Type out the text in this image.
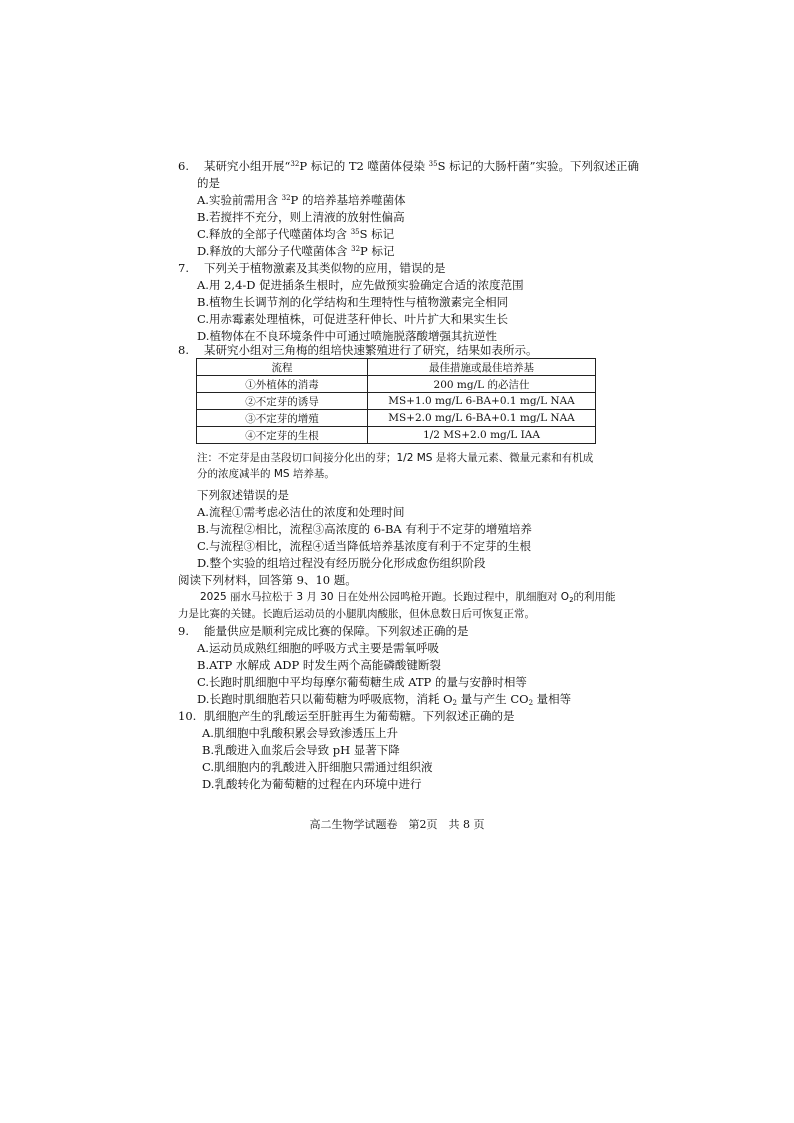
6. 某研究小组开展“$^{32}$P 标记的 T2 噬菌体侵染 $^{35}$S 标记的大肠杆菌”实验。下列叙述正确
的是
A.实验前需用含 $^{32}$P 的培养基培养噬菌体
B.若搅拌不充分，则上清液的放射性偏高
C.释放的全部子代噬菌体均含 $^{35}$S 标记
D.释放的大部分子代噬菌体含 $^{32}$P 标记
7. 下列关于植物激素及其类似物的应用，错误的是
A.用 2,4-D 促进插条生根时，应先做预实验确定合适的浓度范围
B.植物生长调节剂的化学结构和生理特性与植物激素完全相同
C.用赤霉素处理植株，可促进茎秆伸长、叶片扩大和果实生长
D.植物体在不良环境条件中可通过喷施脱落酸增强其抗逆性
8. 某研究小组对三角梅的组培快速繁殖进行了研究，结果如表所示。
流程	最佳措施或最佳培养基
①外植体的消毒	200 mg/L 的必洁仕
②不定芽的诱导	MS+1.0 mg/L 6-BA+0.1 mg/L NAA
③不定芽的增殖	MS+2.0 mg/L 6-BA+0.1 mg/L NAA
④不定芽的生根	1/2 MS+2.0 mg/L IAA
注：不定芽是由茎段切口间接分化出的芽；1/2 MS 是将大量元素、微量元素和有机成
分的浓度减半的 MS 培养基。
下列叙述错误的是
A.流程①需考虑必洁仕的浓度和处理时间
B.与流程②相比，流程③高浓度的 6-BA 有利于不定芽的增殖培养
C.与流程③相比，流程④适当降低培养基浓度有利于不定芽的生根
D.整个实验的组培过程没有经历脱分化形成愈伤组织阶段
阅读下列材料，回答第 9、10 题。
2025 丽水马拉松于 3 月 30 日在处州公园鸣枪开跑。长跑过程中，肌细胞对 $O_2$的利用能
力是比赛的关键。长跑后运动员的小腿肌肉酸胀，但休息数日后可恢复正常。
9. 能量供应是顺利完成比赛的保障。下列叙述正确的是
A.运动员成熟红细胞的呼吸方式主要是需氧呼吸
B.ATP 水解成 ADP 时发生两个高能磷酸键断裂
C.长跑时肌细胞中平均每摩尔葡萄糖生成 ATP 的量与安静时相等
D.长跑时肌细胞若只以葡萄糖为呼吸底物，消耗 $O_2$ 量与产生 $CO_2$ 量相等
10. 肌细胞产生的乳酸运至肝脏再生为葡萄糖。下列叙述正确的是
A.肌细胞中乳酸积累会导致渗透压上升
B.乳酸进入血浆后会导致 pH 显著下降
C.肌细胞内的乳酸进入肝细胞只需通过组织液
D.乳酸转化为葡萄糖的过程在内环境中进行
高二生物学试题卷　第2页　共 8 页
